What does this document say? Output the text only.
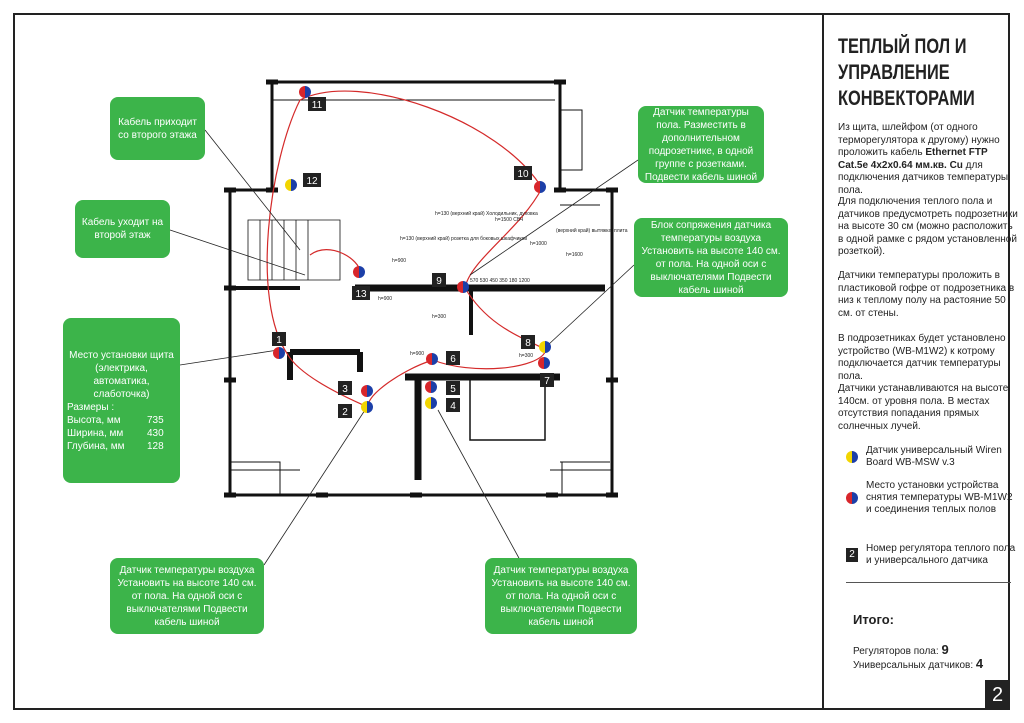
1
2
3
4
5
6
7
8
9
10
11
12
13
h=130 (верхний край) Холодильник, духовка
h=1500 СВЧ
h=130 (верхний край) розетка для боковых шкафчиков
(верхний край) вытяжка, плита
h=900
h=900
h=1000
h=1600
h=300
h=300
h=900
570 530 450 350 180 1200
Кабель приходит со второго этажа
Кабель уходит на второй этаж
Место установки щита (электрика, автоматика, слаботочка)
Размеры :
Высота, мм	735
Ширина, мм	430
Глубина, мм	128
Датчик температуры пола. Разместить в дополнительном подрозетнике, в одной группе с розетками. Подвести кабель шиной
Блок сопряжения датчика температуры воздуха Установить на высоте 140 см. от пола. На одной оси с выключателями Подвести кабель шиной
Датчик температуры воздуха Установить на высоте 140 см. от пола. На одной оси с выключателями Подвести кабель шиной
Датчик температуры воздуха Установить на высоте 140 см. от пола. На одной оси с выключателями Подвести кабель шиной
ТЕПЛЫЙ ПОЛ И УПРАВЛЕНИЕ КОНВЕКТОРАМИ
Из щита, шлейфом (от одного терморегулятора к другому) нужно проложить кабель Ethernet FTP Cat.5e 4x2x0.64 мм.кв. Cu для подключения датчиков температуры пола.
Для подключения теплого пола и датчиков предусмотреть подрозетники на высоте 30 см (можно расположить в одной рамке с рядом установленной розеткой).
Датчики температуры проложить в пластиковой гофре от подрозетника в низ к теплому полу на растояние 50 см. от стены.
В подрозетниках будет установлено устройство (WB-M1W2) к котрому подключается датчик температуры пола.
Датчики устанавливаются на высоте 140см. от уровня пола. В местах отсутствия попадания прямых солнечных лучей.
Датчик универсальный Wiren Board WB-MSW v.3
Место установки устройства снятия температуры WB-M1W2 и соединения теплых полов
2
Номер регулятора теплого пола и универсального датчика
Итого:
Регуляторов пола: 9
Универсальных датчиков: 4
2
